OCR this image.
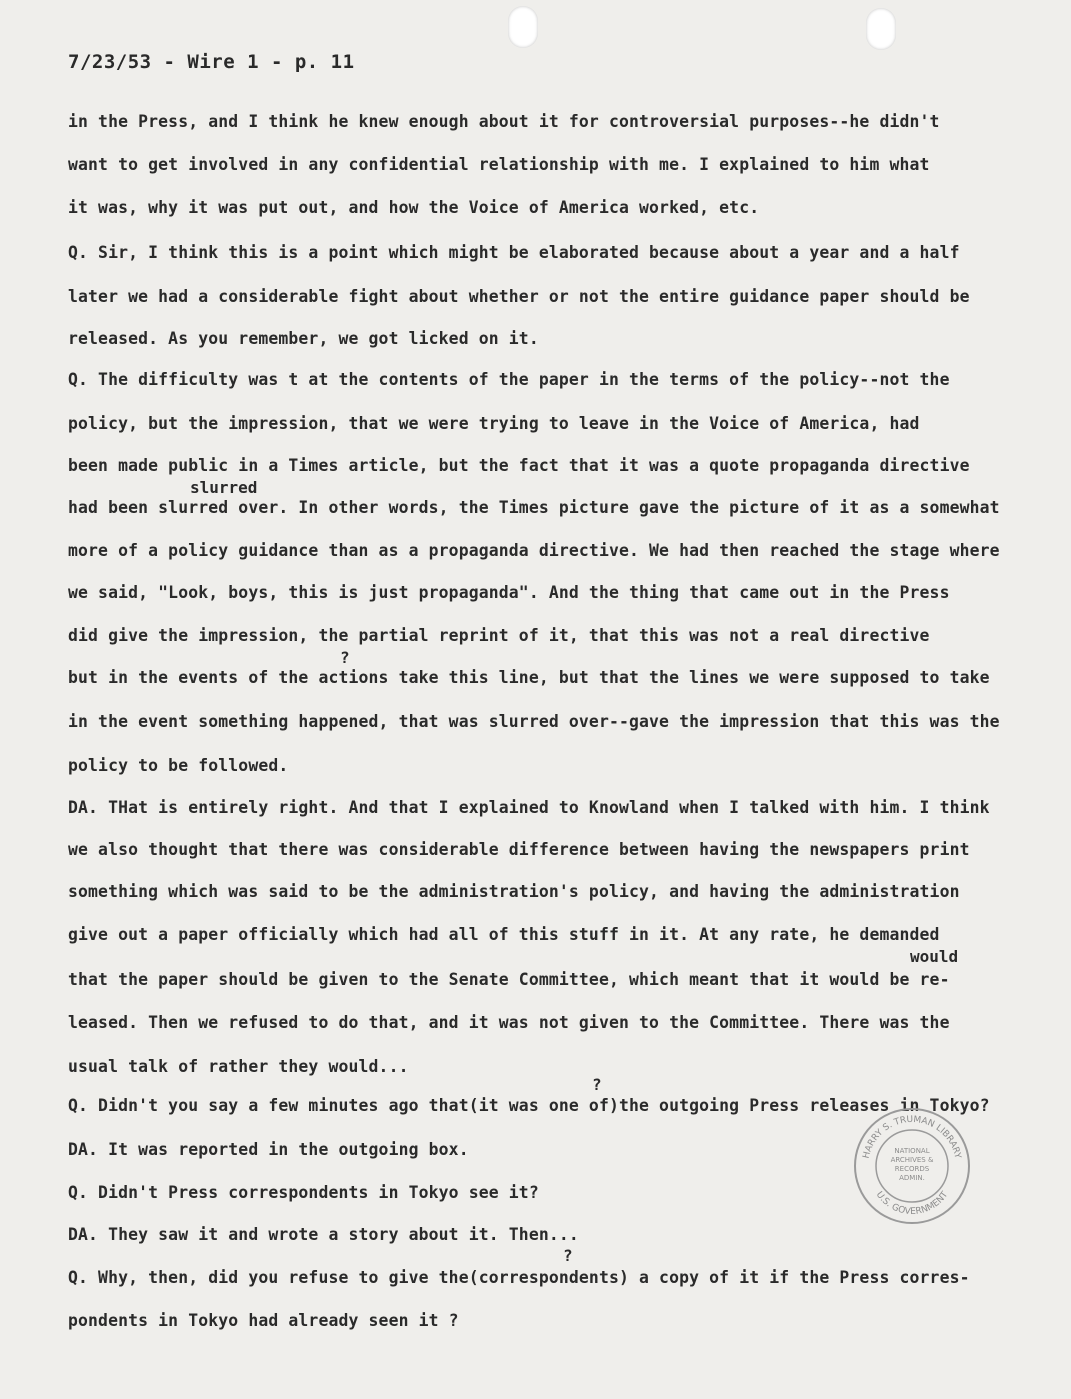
7/23/53 - Wire 1 - p. 11
in the Press, and I think he knew enough about it for controversial purposes--he didn't
want to get involved in any confidential relationship with me. I explained to him what
it was, why it was put out, and how the Voice of America worked, etc.
Q. Sir, I think this is a point which might be elaborated because about a year and a half
later we had a considerable fight about whether or not the entire guidance paper should be
released. As you remember, we got licked on it.
Q. The difficulty was t at the contents of the paper in the terms of the policy--not the
policy, but the impression, that we were trying to leave in the Voice of America, had
been made public in a Times article, but the fact that it was a quote propaganda directive
had been slurred over. In other words, the Times picture gave the picture of it as a somewhat
more of a policy guidance than as a propaganda directive. We had then reached the stage where
we said, "Look, boys, this is just propaganda". And the thing that came out in the Press
did give the impression, the partial reprint of it, that this was not a real directive
but in the events of the actions take this line, but that the lines we were supposed to take
in the event something happened, that was slurred over--gave the impression that this was the
policy to be followed.
DA. THat is entirely right. And that I explained to Knowland when I talked with him. I think
we also thought that there was considerable difference between having the newspapers print
something which was said to be the administration's policy, and having the administration
give out a paper officially which had all of this stuff in it. At any rate, he demanded
that the paper should be given to the Senate Committee, which meant that it would be re-
leased. Then we refused to do that, and it was not given to the Committee. There was the
usual talk of rather they would...
Q. Didn't you say a few minutes ago that(it was one of)the outgoing Press releases in Tokyo?
DA. It was reported in the outgoing box.
Q. Didn't Press correspondents in Tokyo see it?
DA. They saw it and wrote a story about it. Then...
Q. Why, then, did you refuse to give the(correspondents) a copy of it if the Press corres-
pondents in Tokyo had already seen it ?
slurred
would
?
?
?
HARRY S. TRUMAN LIBRARY
U.S. GOVERNMENT
NATIONAL
ARCHIVES &
RECORDS
ADMIN.
